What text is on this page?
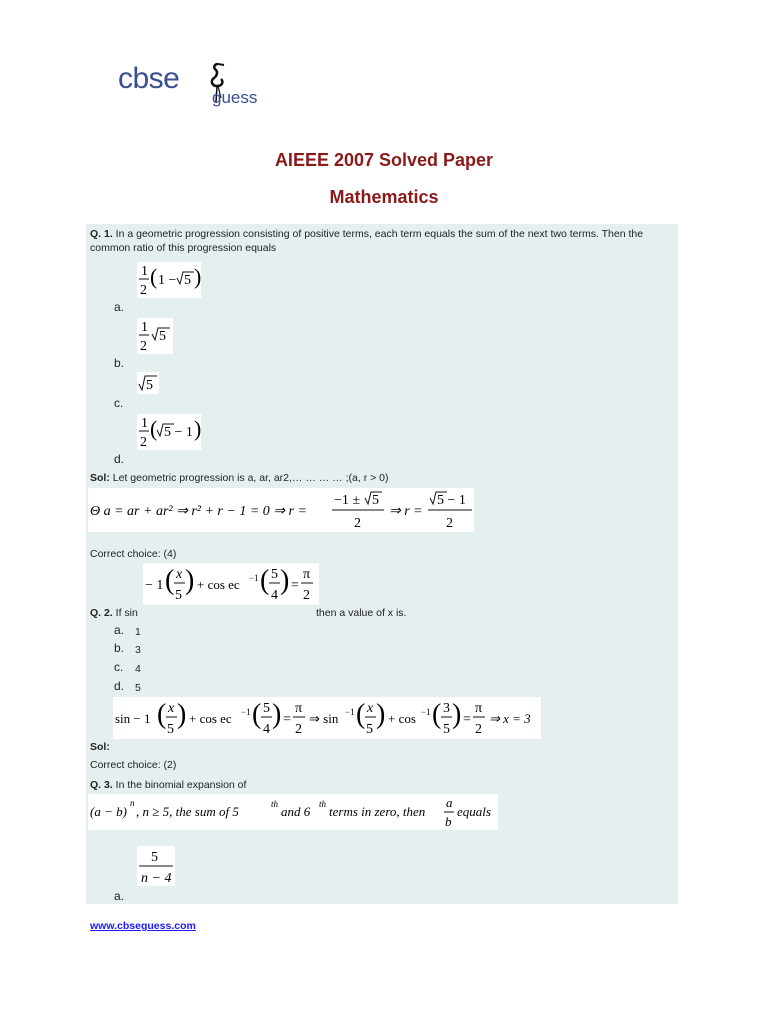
cbse
guess
AIEEE 2007 Solved Paper
Mathematics
Q. 1. In a geometric progression consisting of positive terms, each term equals the sum of the next two terms. Then the common ratio of this progression equals
1
2
( 1 − 5 )
a.
1
2
5
b.
5
c.
1
2
( 5 − 1 )
d.
Sol: Let geometric progression is a, ar, ar2,… … … … ;(a, r > 0)
Θ a = ar + ar² ⇒ r² + r − 1 = 0 ⇒ r =
−1 ± 5
2
⇒ r =
5 − 1
2
Correct choice: (4)
− 1 ( x
5 ) + cos ec −1 ( 5
4 ) =
π
2
Q. 2. If sin	then a value of x is.
a. 1
b. 3
c. 4
d. 5
sin − 1 ( x
5 ) + cos ec −1 ( 5
4 ) =
π
2
⇒ sin −1 ( x
5 ) + cos −1 ( 3
5 ) =
π
2
⇒ x = 3
Sol:
Correct choice: (2)
Q. 3. In the binomial expansion of
(a − b)
n
, n ≥ 5, the sum of 5	th and 6 th terms in zero, then
a
b
equals
5
n − 4
a.
www.cbseguess.com
